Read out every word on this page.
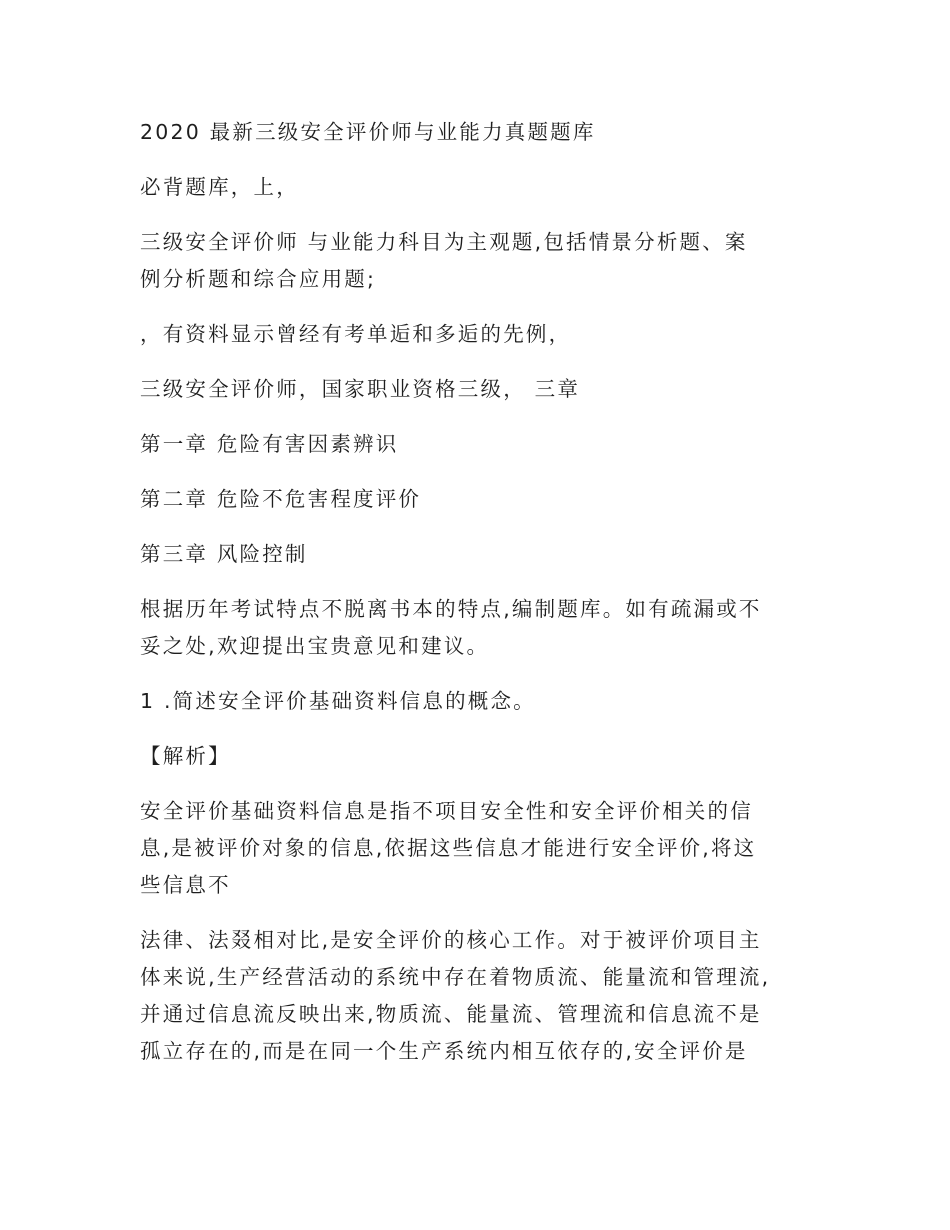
2020 最新三级安全评价师与业能力真题题库
必背题库，上，
三级安全评价师 与业能力科目为主观题,包括情景分析题、案
例分析题和综合应用题;
，有资料显示曾经有考单逅和多逅的先例，
三级安全评价师，国家职业资格三级， 三章
第一章 危险有害因素辨识
第二章 危险不危害程度评价
第三章 风险控制
根据历年考试特点不脱离书本的特点,编制题库。如有疏漏或不
妥之处,欢迎提出宝贵意见和建议。
1 .简述安全评价基础资料信息的概念。
【解析】
安全评价基础资料信息是指不项目安全性和安全评价相关的信
息,是被评价对象的信息,依据这些信息才能进行安全评价,将这
些信息不
法律、法叕相对比,是安全评价的核心工作。对于被评价项目主
体来说,生产经营活动的系统中存在着物质流、能量流和管理流,
并通过信息流反映出来,物质流、能量流、管理流和信息流不是
孤立存在的,而是在同一个生产系统内相互依存的,安全评价是
